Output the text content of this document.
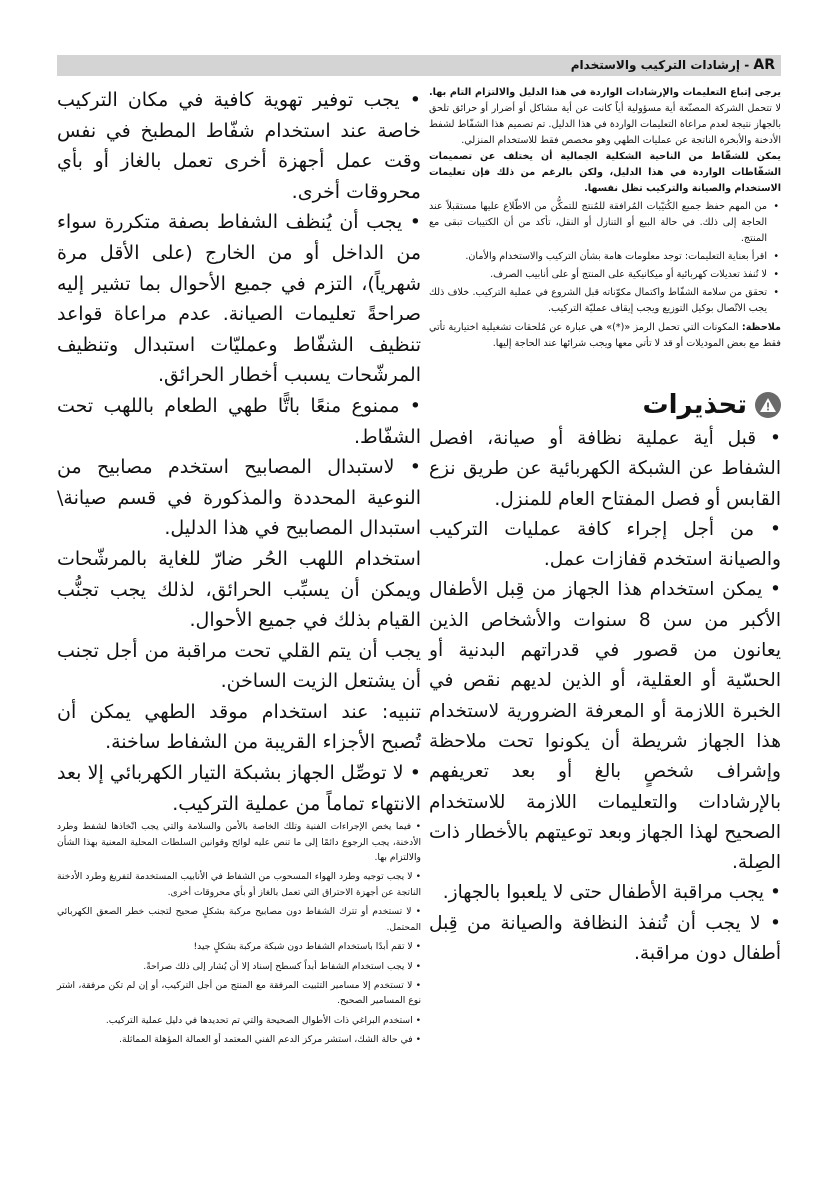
AR - إرشادات التركيب والاستخدام

يرجى إتباع التعليمات والإرشادات الواردة في هذا الدليل والالتزام التام بها. لا تتحمل الشركة المصنّعة أية مسؤولية أياً كانت عن أية مشاكل أو أضرار أو حرائق تلحق بالجهاز نتيجة لعدم مراعاة التعليمات الواردة في هذا الدليل. تم تصميم هذا الشفّاط لشفط الأدخنة والأبخرة الناتجة عن عمليات الطهي وهو مخصص فقط للاستخدام المنزلي.

يمكن للشفّاط من الناحية الشكلية الجمالية أن يختلف عن تصميمات الشفّاطات الواردة في هذا الدليل، ولكن بالرغم من ذلك فإن تعليمات الاستخدام والصيانة والتركيب تظل نفسها.

• من المهم حفظ جميع الكُتيّبات المُرافقة للمُنتج للتمكُّن من الاطّلاع عليها مستقبلاً عند الحاجة إلى ذلك. في حالة البيع أو التنازل أو النقل، تأكد من أن الكتيبات تبقى مع المنتج.
• اقرأ بعناية التعليمات: توجد معلومات هامة بشأن التركيب والاستخدام والأمان.
• لا تُنفذ تعديلات كهربائية أو ميكانيكية على المنتج أو على أنابيب الصرف.
• تحقق من سلامة الشفّاط واكتمال مكوّناته قبل الشروع في عملية التركيب. خلاف ذلك يجب الاتّصال بوكيل التوزيع ويجب إيقاف عمليّة التركيب.

ملاحظة: المكونات التي تحمل الرمز «(*)» هي عبارة عن مُلحقات تشغيلية اختيارية تأتي فقط مع بعض الموديلات أو قد لا تأتي معها ويجب شرائها عند الحاجة إليها.

تحذيرات

• قبل أية عملية نظافة أو صيانة، افصل الشفاط عن الشبكة الكهربائية عن طريق نزع القابس أو فصل المفتاح العام للمنزل.

• من أجل إجراء كافة عمليات التركيب والصيانة استخدم قفازات عمل.

• يمكن استخدام هذا الجهاز من قِبل الأطفال الأكبر من سن 8 سنوات والأشخاص الذين يعانون من قصور في قدراتهم البدنية أو الحسّية أو العقلية، أو الذين لديهم نقص في الخبرة اللازمة أو المعرفة الضرورية لاستخدام هذا الجهاز شريطة أن يكونوا تحت ملاحظة وإشراف شخصٍ بالغ أو بعد تعريفهم بالإرشادات والتعليمات اللازمة للاستخدام الصحيح لهذا الجهاز وبعد توعيتهم بالأخطار ذات الصِلة.

• يجب مراقبة الأطفال حتى لا يلعبوا بالجهاز.

• لا يجب أن تُنفذ النظافة والصيانة من قِبل أطفال دون مراقبة.

• يجب توفير تهوية كافية في مكان التركيب خاصة عند استخدام شفّاط المطبخ في نفس وقت عمل أجهزة أخرى تعمل بالغاز أو بأي محروقات أخرى.

• يجب أن يُنظف الشفاط بصفة متكررة سواء من الداخل أو من الخارج (على الأقل مرة شهرياً)، التزم في جميع الأحوال بما تشير إليه صراحةً تعليمات الصيانة. عدم مراعاة قواعد تنظيف الشفّاط وعمليّات استبدال وتنظيف المرشّحات يسبب أخطار الحرائق.

• ممنوع منعًا باتًّا طهي الطعام باللهب تحت الشفّاط.

• لاستبدال المصابيح استخدم مصابيح من النوعية المحددة والمذكورة في قسم صيانة\ استبدال المصابيح في هذا الدليل.

استخدام اللهب الحُر ضارّ للغاية بالمرشّحات ويمكن أن يسبِّب الحرائق، لذلك يجب تجنُّب القيام بذلك في جميع الأحوال.

يجب أن يتم القلي تحت مراقبة من أجل تجنب أن يشتعل الزيت الساخن.

تنبيه: عند استخدام موقد الطهي يمكن أن تُصبح الأجزاء القريبة من الشفاط ساخنة.

• لا توصِّل الجهاز بشبكة التيار الكهربائي إلا بعد الانتهاء تماماً من عملية التركيب.

• فيما يخص الإجراءات الفنية وتلك الخاصة بالأمن والسلامة والتي يجب اتّخاذها لشفط وطرد الأدخنة، يجب الرجوع دائمًا إلى ما تنص عليه لوائح وقوانين السلطات المحلية المعنية بهذا الشأن والالتزام بها.

• لا يجب توجيه وطرد الهواء المسحوب من الشفاط في الأنابيب المستخدمة لتفريغ وطرد الأدخنة الناتجة عن أجهزة الاحتراق التي تعمل بالغاز أو بأي محروقات أخرى.

• لا تستخدم أو تترك الشفاط دون مصابيح مركبة بشكلٍ صحيح لتجنب خطر الصعق الكهربائي المحتمل.

• لا تقم أبدًا باستخدام الشفاط دون شبكة مركبة بشكلٍ جيد!

• لا يجب استخدام الشفاط أبداً كسطح إسناد إلا أن يُشار إلى ذلك صراحةً.

• لا تستخدم إلا مسامير التثبيت المرفقة مع المنتج من أجل التركيب، أو إن لم تكن مرفقة، اشتر نوع المسامير الصحيح.

• استخدم البراغي ذات الأطوال الصحيحة والتي تم تحديدها في دليل عملية التركيب.

• في حالة الشك، استشر مركز الدعم الفني المعتمد أو العمالة المؤهلة المماثلة.
